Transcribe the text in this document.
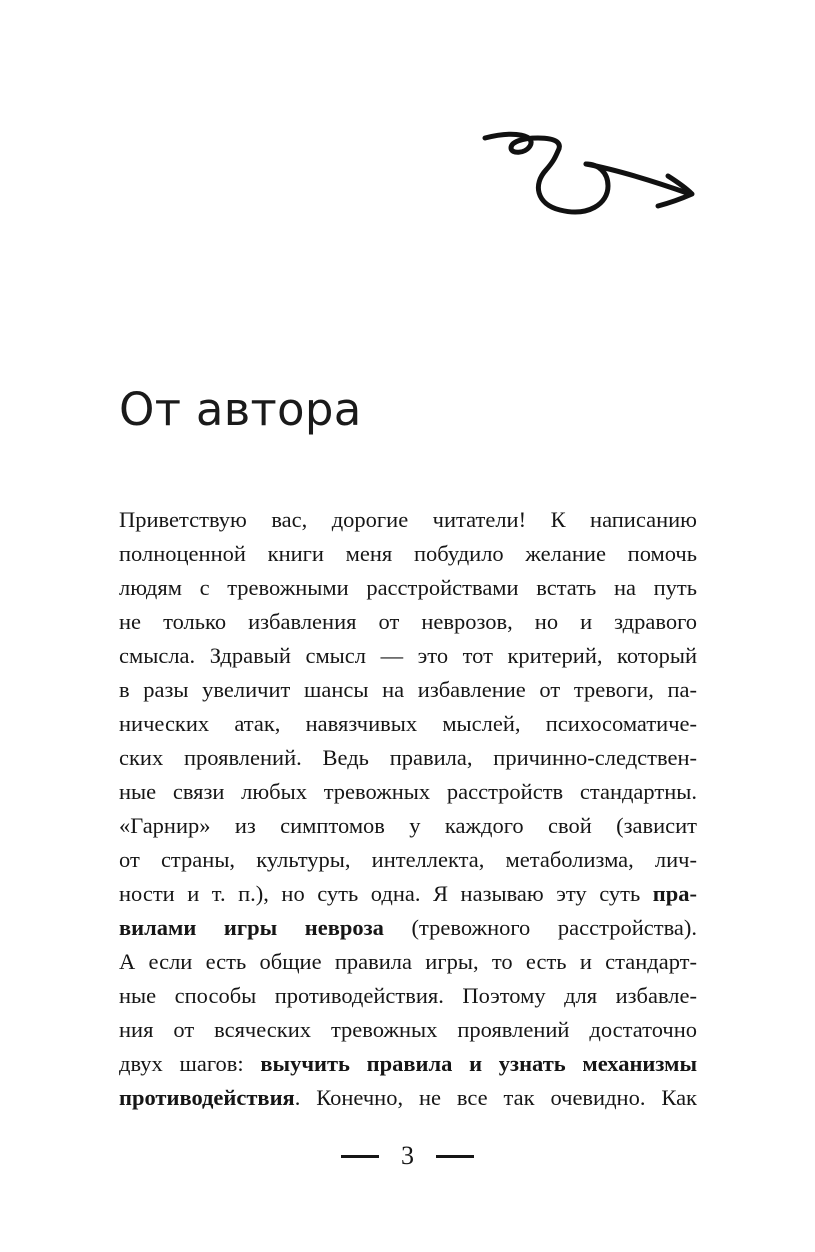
От автора
Приветствую вас, дорогие читатели! К написанию
полноценной книги меня побудило желание помочь
людям с тревожными расстройствами встать на путь
не только избавления от неврозов, но и здравого
смысла. Здравый смысл — это тот критерий, который
в разы увеличит шансы на избавление от тревоги, па-
нических атак, навязчивых мыслей, психосоматиче-
ских проявлений. Ведь правила, причинно-следствен-
ные связи любых тревожных расстройств стандартны.
«Гарнир» из симптомов у каждого свой (зависит
от страны, культуры, интеллекта, метаболизма, лич-
ности и т. п.), но суть одна. Я называю эту суть пра-
вилами игры невроза (тревожного расстройства).
А если есть общие правила игры, то есть и стандарт-
ные способы противодействия. Поэтому для избавле-
ния от всяческих тревожных проявлений достаточно
двух шагов: выучить правила и узнать механизмы
противодействия. Конечно, не все так очевидно. Как
3
